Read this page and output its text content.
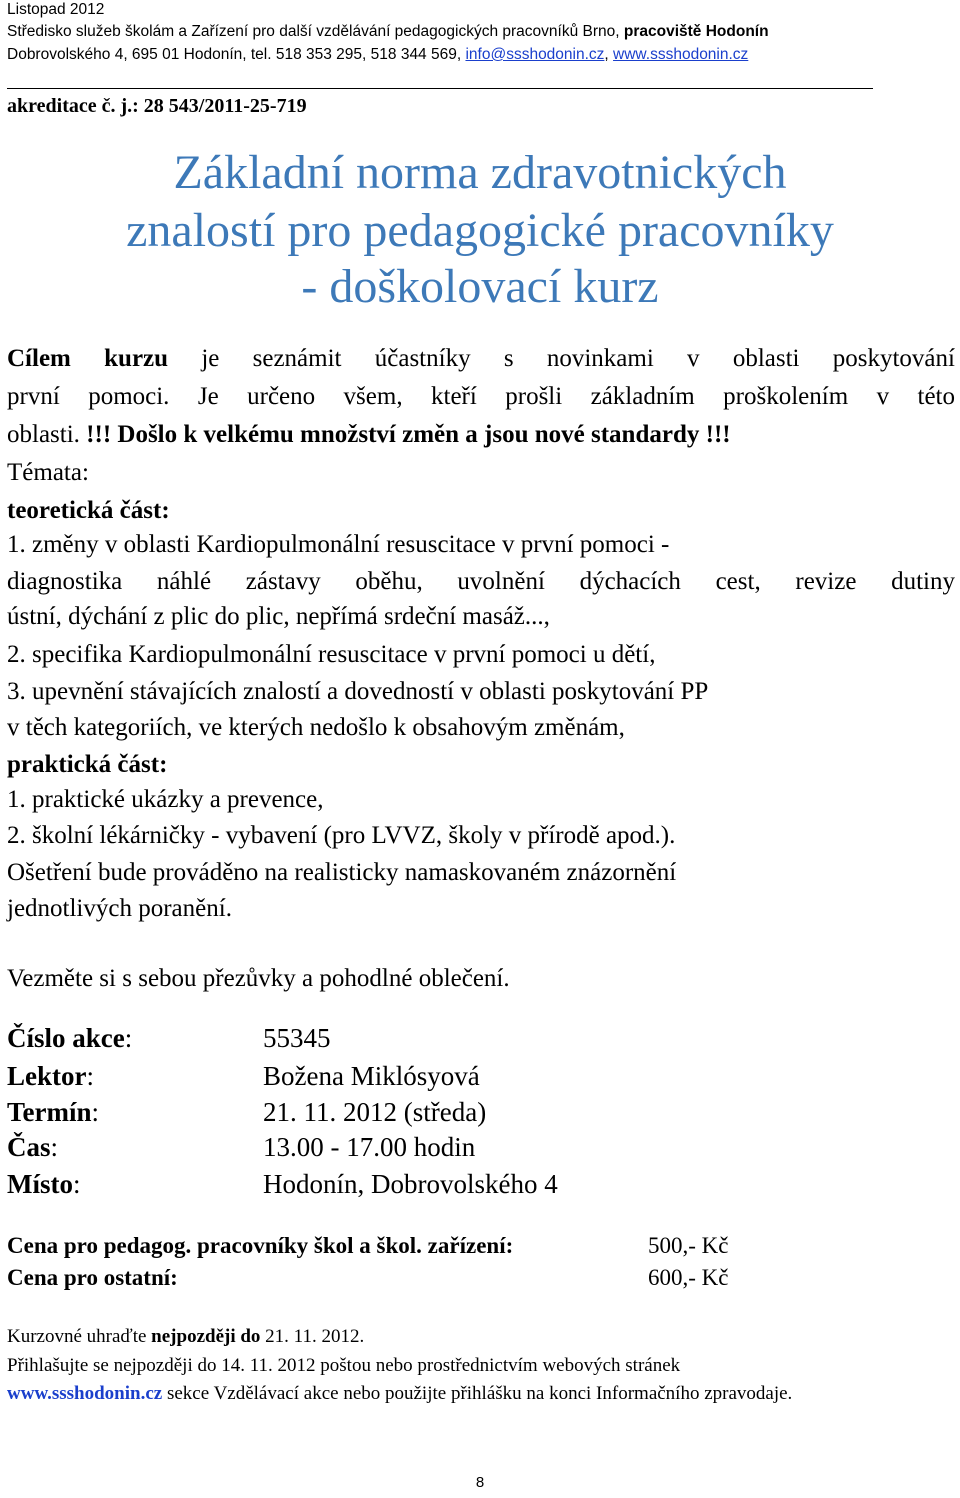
Listopad 2012
Středisko služeb školám a Zařízení pro další vzdělávání pedagogických pracovníků Brno, pracoviště Hodonín
Dobrovolského 4, 695 01 Hodonín, tel. 518 353 295, 518 344 569, info@ssshodonin.cz, www.ssshodonin.cz
akreditace č. j.: 28 543/2011-25-719
Základní norma zdravotnických
znalostí pro pedagogické pracovníky
- doškolovací kurz
Cílem kurzu je seznámit účastníky s novinkami v oblasti poskytování
první pomoci. Je určeno všem, kteří prošli základním proškolením v této
oblasti. !!! Došlo k velkému množství změn a jsou nové standardy !!!
Témata:
teoretická část:
1. změny v oblasti Kardiopulmonální resuscitace v první pomoci -
diagnostika náhlé zástavy oběhu, uvolnění dýchacích cest, revize dutiny
ústní, dýchání z plic do plic, nepřímá srdeční masáž...,
2. specifika Kardiopulmonální resuscitace v první pomoci u dětí,
3. upevnění stávajících znalostí a dovedností v oblasti poskytování PP
v těch kategoriích, ve kterých nedošlo k obsahovým změnám,
praktická část:
1. praktické ukázky a prevence,
2. školní lékárničky - vybavení (pro LVVZ, školy v přírodě apod.).
Ošetření bude prováděno na realisticky namaskovaném znázornění
jednotlivých poranění.
Vezměte si s sebou přezůvky a pohodlné oblečení.
Číslo akce:	55345
Lektor:	Božena Miklósyová
Termín:	21. 11. 2012 (středa)
Čas:	13.00 - 17.00 hodin
Místo:	Hodonín, Dobrovolského 4
Cena pro pedagog. pracovníky škol a škol. zařízení:	500,- Kč
Cena pro ostatní:	600,- Kč
Kurzovné uhraďte nejpozději do 21. 11. 2012.
Přihlašujte se nejpozději do 14. 11. 2012 poštou nebo prostřednictvím webových stránek
www.ssshodonin.cz sekce Vzdělávací akce nebo použijte přihlášku na konci Informačního zpravodaje.
8
